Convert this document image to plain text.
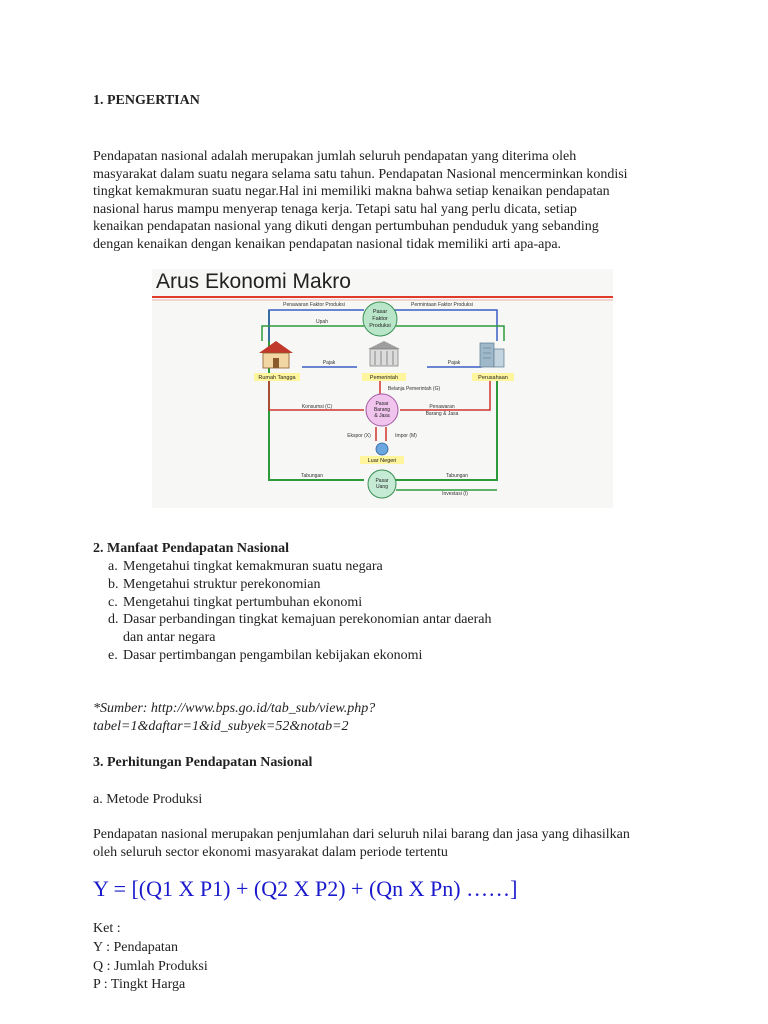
1. PENGERTIAN
Pendapatan nasional adalah merupakan jumlah seluruh pendapatan yang diterima oleh
masyarakat dalam suatu negara selama satu tahun. Pendapatan Nasional mencerminkan kondisi
tingkat kemakmuran suatu negar.Hal ini memiliki makna bahwa setiap kenaikan pendapatan
nasional harus mampu menyerap tenaga kerja. Tetapi satu hal yang perlu dicata, setiap
kenaikan pendapatan nasional yang dikuti dengan pertumbuhan penduduk yang sebanding
dengan kenaikan dengan kenaikan pendapatan nasional tidak memiliki arti apa-apa.
Arus Ekonomi Makro
Pasar
Faktor
Produksi
Penawaran Faktor Produksi	Permintaan Faktor Produksi
Upah
Rumah Tangga	Pemerintah	Perusahaan
Pajak	Pajak
Belanja Pemerintah (G)
Pasar
Barang
& Jasa
Konsumsi (C)	Penawaran
Barang & Jasa
Ekspor (X)	Impor (M)
Luar Negeri
Pasar
Uang
Tabungan	Tabungan
Investasi (I)
2. Manfaat Pendapatan Nasional
a. Mengetahui tingkat kemakmuran suatu negara
b. Mengetahui struktur perekonomian
c. Mengetahui tingkat pertumbuhan ekonomi
d. Dasar perbandingan tingkat kemajuan perekonomian antar daerah
dan antar negara
e. Dasar pertimbangan pengambilan kebijakan ekonomi
*Sumber: http://www.bps.go.id/tab_sub/view.php?
tabel=1&daftar=1&id_subyek=52&notab=2
3. Perhitungan Pendapatan Nasional
a. Metode Produksi
Pendapatan nasional merupakan penjumlahan dari seluruh nilai barang dan jasa yang dihasilkan
oleh seluruh sector ekonomi masyarakat dalam periode tertentu
Y = [(Q1 X P1) + (Q2 X P2) + (Qn X Pn) ……]
Ket :
Y : Pendapatan
Q : Jumlah Produksi
P : Tingkt Harga
